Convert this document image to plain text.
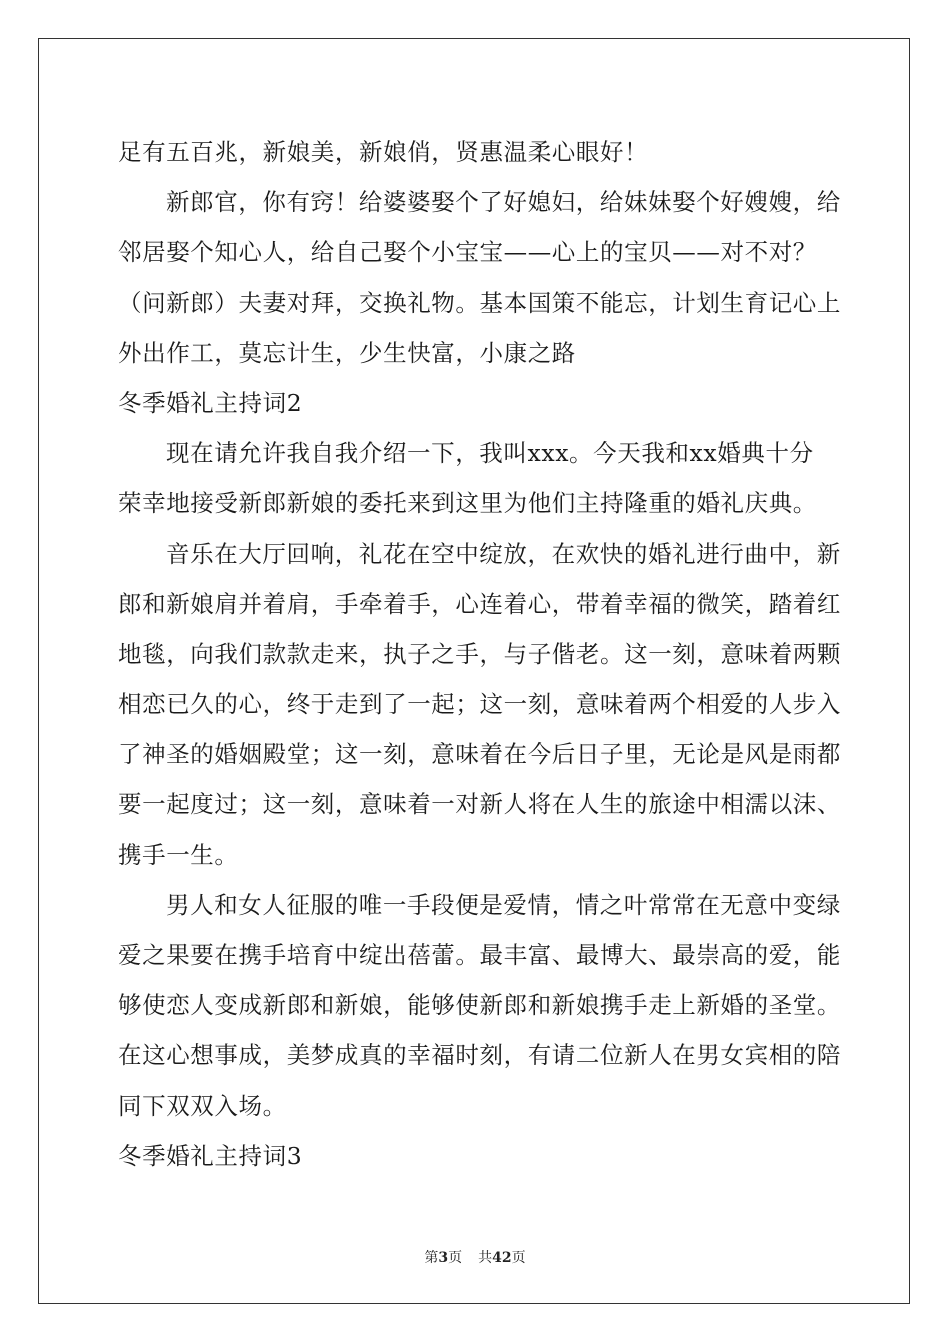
足有五百兆，新娘美，新娘俏，贤惠温柔心眼好！
新郎官，你有窍！给婆婆娶个了好媳妇，给妹妹娶个好嫂嫂，给
邻居娶个知心人，给自己娶个小宝宝——心上的宝贝——对不对？
（问新郎）夫妻对拜，交换礼物。基本国策不能忘，计划生育记心上
外出作工，莫忘计生，少生快富，小康之路
冬季婚礼主持词2
现在请允许我自我介绍一下，我叫xxx。今天我和xx婚典十分
荣幸地接受新郎新娘的委托来到这里为他们主持隆重的婚礼庆典。
音乐在大厅回响，礼花在空中绽放，在欢快的婚礼进行曲中，新
郎和新娘肩并着肩，手牵着手，心连着心，带着幸福的微笑，踏着红
地毯，向我们款款走来，执子之手，与子偕老。这一刻，意味着两颗
相恋已久的心，终于走到了一起；这一刻，意味着两个相爱的人步入
了神圣的婚姻殿堂；这一刻，意味着在今后日子里，无论是风是雨都
要一起度过；这一刻，意味着一对新人将在人生的旅途中相濡以沫、
携手一生。
男人和女人征服的唯一手段便是爱情，情之叶常常在无意中变绿
爱之果要在携手培育中绽出蓓蕾。最丰富、最博大、最崇高的爱，能
够使恋人变成新郎和新娘，能够使新郎和新娘携手走上新婚的圣堂。
在这心想事成，美梦成真的幸福时刻，有请二位新人在男女宾相的陪
同下双双入场。
冬季婚礼主持词3
第3页 共42页
